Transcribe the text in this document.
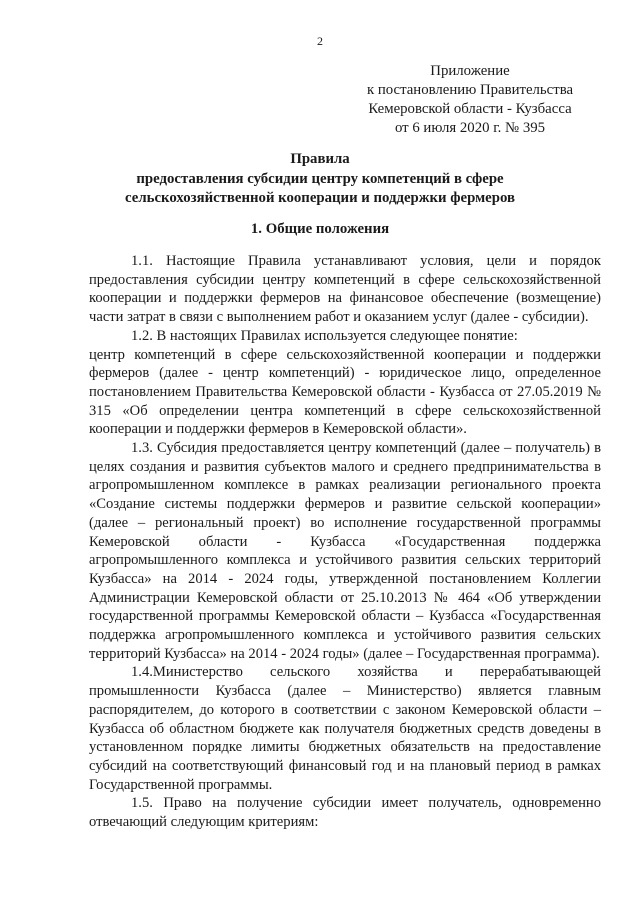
2
Приложение
к постановлению Правительства
Кемеровской области - Кузбасса
от 6 июля 2020 г. № 395
Правила
предоставления субсидии центру компетенций в сфере
сельскохозяйственной кооперации и поддержки фермеров
1. Общие положения

1.1. Настоящие Правила устанавливают условия, цели и порядок предоставления субсидии центру компетенций в сфере сельскохозяйственной кооперации и поддержки фермеров на финансовое обеспечение (возмещение) части затрат в связи с выполнением работ и оказанием услуг (далее - субсидии).

1.2. В настоящих Правилах используется следующее понятие:

центр компетенций в сфере сельскохозяйственной кооперации и поддержки фермеров (далее - центр компетенций) - юридическое лицо, определенное постановлением Правительства Кемеровской области - Кузбасса от 27.05.2019 № 315 «Об определении центра компетенций в сфере сельскохозяйственной кооперации и поддержки фермеров в Кемеровской области».

1.3. Субсидия предоставляется центру компетенций (далее – получатель) в целях создания и развития субъектов малого и среднего предпринимательства в агропромышленном комплексе в рамках реализации регионального проекта «Создание системы поддержки фермеров и развитие сельской кооперации» (далее – региональный проект) во исполнение государственной программы Кемеровской области - Кузбасса «Государственная поддержка агропромышленного комплекса и устойчивого развития сельских территорий Кузбасса» на 2014 - 2024 годы, утвержденной постановлением Коллегии Администрации Кемеровской области от 25.10.2013 № 464 «Об утверждении государственной программы Кемеровской области – Кузбасса «Государственная поддержка агропромышленного комплекса и устойчивого развития сельских территорий Кузбасса» на 2014 - 2024 годы» (далее – Государственная программа).

1.4.Министерство сельского хозяйства и перерабатывающей промышленности Кузбасса (далее – Министерство) является главным распорядителем, до которого в соответствии с законом Кемеровской области – Кузбасса об областном бюджете как получателя бюджетных средств доведены в установленном порядке лимиты бюджетных обязательств на предоставление субсидий на соответствующий финансовый год и на плановый период в рамках Государственной программы.

1.5. Право на получение субсидии имеет получатель, одновременно отвечающий следующим критериям:
